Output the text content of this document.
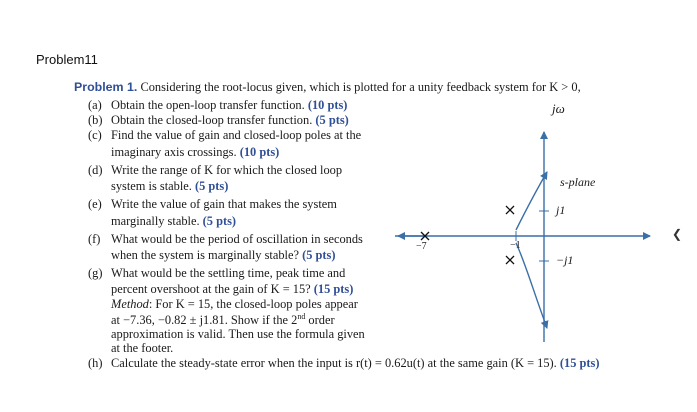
Problem11
Problem 1. Considering the root-locus given, which is plotted for a unity feedback system for K > 0,
(a) Obtain the open-loop transfer function. (10 pts)
(b) Obtain the closed-loop transfer function. (5 pts)
(c) Find the value of gain and closed-loop poles at the
imaginary axis crossings. (10 pts)
(d) Write the range of K for which the closed loop
system is stable. (5 pts)
(e) Write the value of gain that makes the system
marginally stable. (5 pts)
(f) What would be the period of oscillation in seconds
when the system is marginally stable? (5 pts)
(g) What would be the settling time, peak time and
percent overshoot at the gain of K = 15? (15 pts)
Method: For K = 15, the closed-loop poles appear
at −7.36, −0.82 ± j1.81. Show if the 2nd order
approximation is valid. Then use the formula given
at the footer.
(h) Calculate the steady-state error when the input is r(t) = 0.62u(t) at the same gain (K = 15). (15 pts)
jω
s-plane
j1
−j1
−7	−1
❮
